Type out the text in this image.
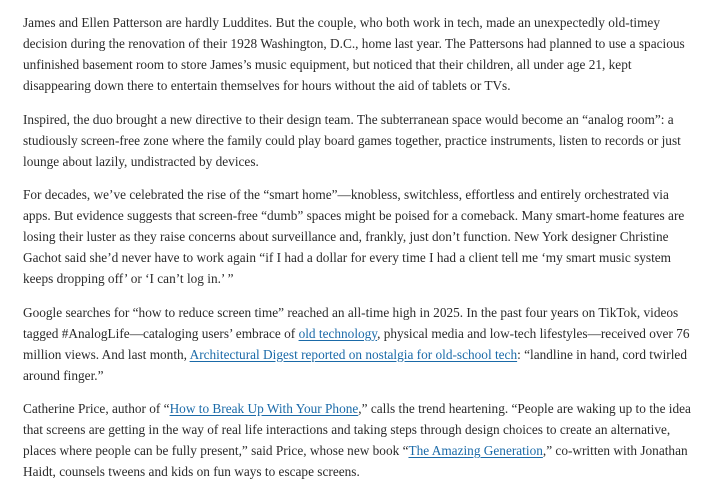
James and Ellen Patterson are hardly Luddites. But the couple, who both work in tech, made an unexpectedly old-timey decision during the renovation of their 1928 Washington, D.C., home last year. The Pattersons had planned to use a spacious unfinished basement room to store James’s music equipment, but noticed that their children, all under age 21, kept disappearing down there to entertain themselves for hours without the aid of tablets or TVs.

Inspired, the duo brought a new directive to their design team. The subterranean space would become an “analog room”: a studiously screen-free zone where the family could play board games together, practice instruments, listen to records or just lounge about lazily, undistracted by devices.

For decades, we’ve celebrated the rise of the “smart home”—knobless, switchless, effortless and entirely orchestrated via apps. But evidence suggests that screen-free “dumb” spaces might be poised for a comeback. Many smart-home features are losing their luster as they raise concerns about surveillance and, frankly, just don’t function. New York designer Christine Gachot said she’d never have to work again “if I had a dollar for every time I had a client tell me ‘my smart music system keeps dropping off’ or ‘I can’t log in.’ ”

Google searches for “how to reduce screen time” reached an all-time high in 2025. In the past four years on TikTok, videos tagged #AnalogLife—cataloging users’ embrace of old technology, physical media and low-tech lifestyles—received over 76 million views. And last month, Architectural Digest reported on nostalgia for old-school tech: “landline in hand, cord twirled around finger.”

Catherine Price, author of “How to Break Up With Your Phone,” calls the trend heartening. “People are waking up to the idea that screens are getting in the way of real life interactions and taking steps through design choices to create an alternative, places where people can be fully present,” said Price, whose new book “The Amazing Generation,” co-written with Jonathan Haidt, counsels tweens and kids on fun ways to escape screens.
